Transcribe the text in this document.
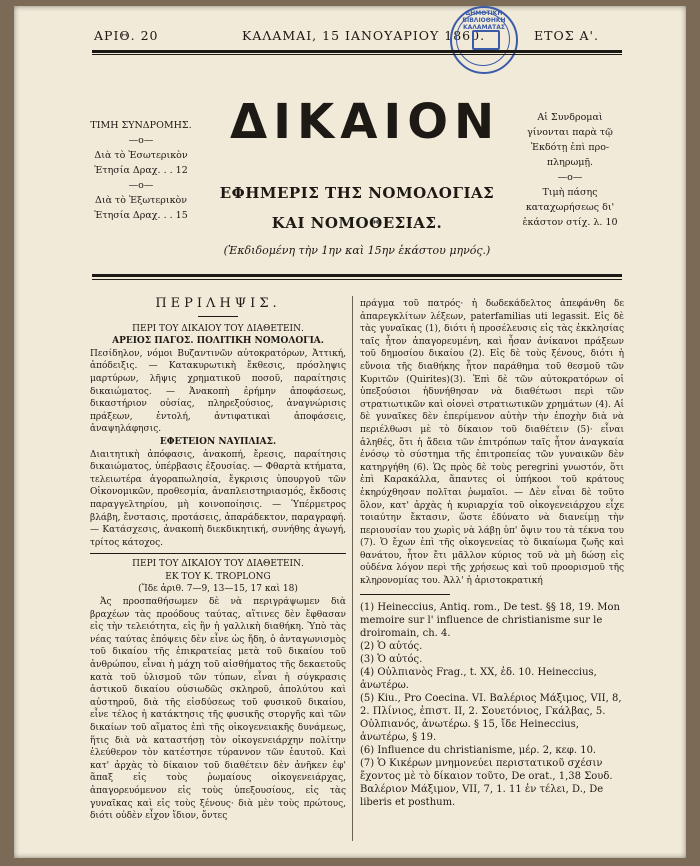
ΑΡΙΘ. 20	ΚΑΛΑΜΑΙ, 15 ΙΑΝΟΥΑΡΙΟΥ 1860.	ΕΤΟΣ Α'.
ΔΗΜΟΤΙΚΗ ΒΙΒΛΙΟΘΗΚΗ ΚΑΛΑΜΑΤΑΣ
ΤΙΜΗ ΣΥΝΔΡΟΜΗΣ.
—ο—
Διὰ τὸ Ἐσωτερικὸν
Ἐτησία Δραχ. . . 12
—ο—
Διὰ τὸ Ἐξωτερικὸν
Ἐτησία Δραχ. . . 15
Αἱ Συνδρομαὶ
γίνονται παρὰ τῷ
Ἐκδότῃ ἐπὶ προ-
πληρωμῇ.
—ο—
Τιμὴ πάσης
καταχωρήσεως δι'
ἑκάστον στίχ. λ. 10
ΔΙΚΑΙΟΝ
ΕΦΗΜΕΡΙΣ ΤΗΣ ΝΟΜΟΛΟΓΙΑΣ
ΚΑΙ ΝΟΜΟΘΕΣΙΑΣ.
(Ἐκδιδομένη τὴν 1ην καὶ 15ην ἑκάστου μηνός.)
ΠΕΡΙΛΗΨΙΣ.
ΠΕΡΙ ΤΟΥ ΔΙΚΑΙΟΥ ΤΟΥ ΔΙΑΘΕΤΕΙΝ.
ΑΡΕΙΟΣ ΠΑΓΟΣ. ΠΟΛΙΤΙΚΗ ΝΟΜΟΛΟΓΙΑ.
Πεσίδηλον, νόμοι Βυζαντινῶν αὐτοκρατόρων, Ἀττική, ἀπόδειξις. — Κατακυρωτικὴ ἔκθεσις, πρόσληψις μαρτύρων, λῆψις χρηματικοῦ ποσοῦ, παραίτησις δικαιώματος. — Ἀνακοπὴ ἐρήμην ἀποφάσεως, δικαστήριον οὐσίας, πληρεξούσιος, ἀναγνώρισις πράξεων, ἐντολή, ἀντιφατικαὶ ἀποφάσεις, ἀναψηλάφησις.
ΕΦΕΤΕΙΟΝ ΝΑΥΠΛΙΑΣ.
Διαιτητικὴ ἀπόφασις, ἀνακοπή, ἔρεσις, παραίτησις δικαιώματος, ὑπέρβασις ἐξουσίας. — Φθαρτὰ κτήματα, τελειωτέρα ἀγοραπωλησία, ἔγκρισις ὑπουργοῦ τῶν Οἰκονομικῶν, προθεσμία, ἀναπλειστηριασμός, ἔκδοσις παραγγελτηρίου, μὴ κοινοποίησις. — Ὑπέρμετρος βλάβη, ἔνστασις, προτάσεις, ἀπαράδεκτον, παραγραφή. — Κατάσχεσις, ἀνακοπὴ διεκδικητική, συνήθης ἀγωγή, τρίτος κάτοχος.
ΠΕΡΙ ΤΟΥ ΔΙΚΑΙΟΥ ΤΟΥ ΔΙΑΘΕΤΕΙΝ.
ΕΚ ΤΟΥ Κ. TROPLONG
(Ἴδε ἀριθ. 7—9, 13—15, 17 καὶ 18)
Ἀς προσπαθήσωμεν δὲ νὰ περιγράψωμεν διὰ βραχέων τὰς προόδους ταύτας, αἵτινες δὲν ἔφθασαν εἰς τὴν τελειότητα, εἰς ἣν ἡ γαλλικὴ διαθήκη. Ὑπὸ τὰς νέας ταύτας ἐπόψεις δὲν εἶνε ὡς ἤδη, ὁ ἀνταγωνισμὸς τοῦ δικαίου τῆς ἐπικρατείας μετὰ τοῦ δικαίου τοῦ ἀνθρώπου, εἶναι ἡ μάχη τοῦ αἰσθήματος τῆς δεκαετοῦς κατὰ τοῦ ὑλισμοῦ τῶν τύπων, εἶναι ἡ σύγκρασις ἀστικοῦ δικαίου οὐσιωδῶς σκληροῦ, ἀπολύτου καὶ αὐστηροῦ, διὰ τῆς εἰσδύσεως τοῦ φυσικοῦ δικαίου, εἶνε τέλος ἡ κατάκτησις τῆς φυσικῆς στοργῆς καὶ τῶν δικαίων τοῦ αἵματος ἐπὶ τῆς οἰκογενειακῆς δυνάμεως, ἥτις διὰ νὰ καταστήσῃ τὸν οἰκογενειάρχην πολίτην ἐλεύθερον τὸν κατέστησε τύραννον τῶν ἑαυτοῦ. Καὶ κατ' ἀρχὰς τὸ δίκαιον τοῦ διαθέτειν δὲν ἀνῆκεν ἐφ' ἅπαξ εἰς τοὺς ῥωμαίους οἰκογενειάρχας, ἀπαγορευόμενον εἰς τοὺς ὑπεξουσίους, εἰς τὰς γυναῖκας καὶ εἰς τοὺς ξένους· διὰ μὲν τοὺς πρώτους, διότι οὐδὲν εἶχον ἴδιον, ὄντες
πράγμα τοῦ πατρός· ἡ δωδεκάδελτος ἀπεφάνθη δε ἀπαρεγκλίτων λέξεων, paterfamilias uti legassit. Εἰς δὲ τὰς γυναῖκας (1), διότι ἡ προσέλευσις εἰς τὰς ἐκκλησίας ταῖς ἦτον ἀπαγορευμένη, καὶ ἦσαν ἀνίκανοι πράξεων τοῦ δημοσίου δικαίου (2). Εἰς δὲ τοὺς ξένους, διότι ἡ εὔνοια τῆς διαθήκης ἦτον παράθημα τοῦ θεσμοῦ τῶν Κυριτῶν (Quirites)(3). Ἐπὶ δὲ τῶν αὐτοκρατόρων οἱ ὑπεξούσιοι ἠδυνήθησαν νὰ διαθέτωσι περὶ τῶν στρατιωτικῶν καὶ οἱονεὶ στρατιωτικῶν χρημάτων (4). Αἱ δὲ γυναῖκες δὲν ἐπερίμενον αὐτὴν τὴν ἐποχὴν διὰ νὰ περιέλθωσι μὲ τὸ δίκαιον τοῦ διαθέτειν (5)· εἶναι ἀληθές, ὅτι ἡ ἄδεια τῶν ἐπιτρόπων ταῖς ἦτον ἀναγκαία ἐνόσῳ τὸ σύστημα τῆς ἐπιτροπείας τῶν γυναικῶν δὲν κατηργήθη (6). Ὡς πρὸς δὲ τοὺς peregrini γνωστόν, ὅτι ἐπὶ Καρακάλλα, ἅπαντες οἱ ὑπήκοοι τοῦ κράτους ἐκηρύχθησαν πολῖται ῥωμαῖοι. — Δὲν εἶναι δὲ τοῦτο ὅλον, κατ' ἀρχὰς ἡ κυριαρχία τοῦ οἰκογενειάρχου εἶχε τοιαύτην ἔκτασιν, ὥστε ἐδύνατο νὰ διανείμῃ τὴν περιουσίαν του χωρὶς νὰ λάβῃ ὑπ' ὄψιν του τὰ τέκνα του (7). Ὁ ἔχων ἐπὶ τῆς οἰκογενείας τὸ δικαίωμα ζωῆς καὶ θανάτου, ἦτον ἔτι μᾶλλον κύριος τοῦ νὰ μὴ δώσῃ εἰς οὐδένα λόγον περὶ τῆς χρήσεως καὶ τοῦ προορισμοῦ τῆς κληρονομίας του. Ἀλλ' ἡ ἀριστοκρατική
(1) Heineccius, Antiq. rom., De test. §§ 18, 19. Mon memoire sur l' influence de christianisme sur le droiromain, ch. 4.
(2) Ὁ αὐτός.
(3) Ὁ αὐτός.
(4) Οὐλπιανὸς Frag., t. XX, ἐδ. 10. Heineccius, ἀνωτέρω.
(5) Kiu., Pro Coecina. VI. Βαλέριος Μάξιμος, VII, 8, 2. Πλίνιος, ἐπιστ. II, 2. Σουετόνιος, Γκάλβας, 5. Οὐλπιανός, ἀνωτέρω. § 15, ἴδε Heineccius, ἀνωτέρω, § 19.
(6) Influence du christianisme, μέρ. 2, κεφ. 10.
(7) Ὁ Κικέρων μνημονεύει περιστατικοῦ σχέσιν ἔχοντος μὲ τὸ δίκαιον τοῦτο, De orat., 1,38 Σουδ. Βαλέριον Μάξιμον, VII, 7, 1. 11 ἐν τέλει, D., De liberis et posthum.
